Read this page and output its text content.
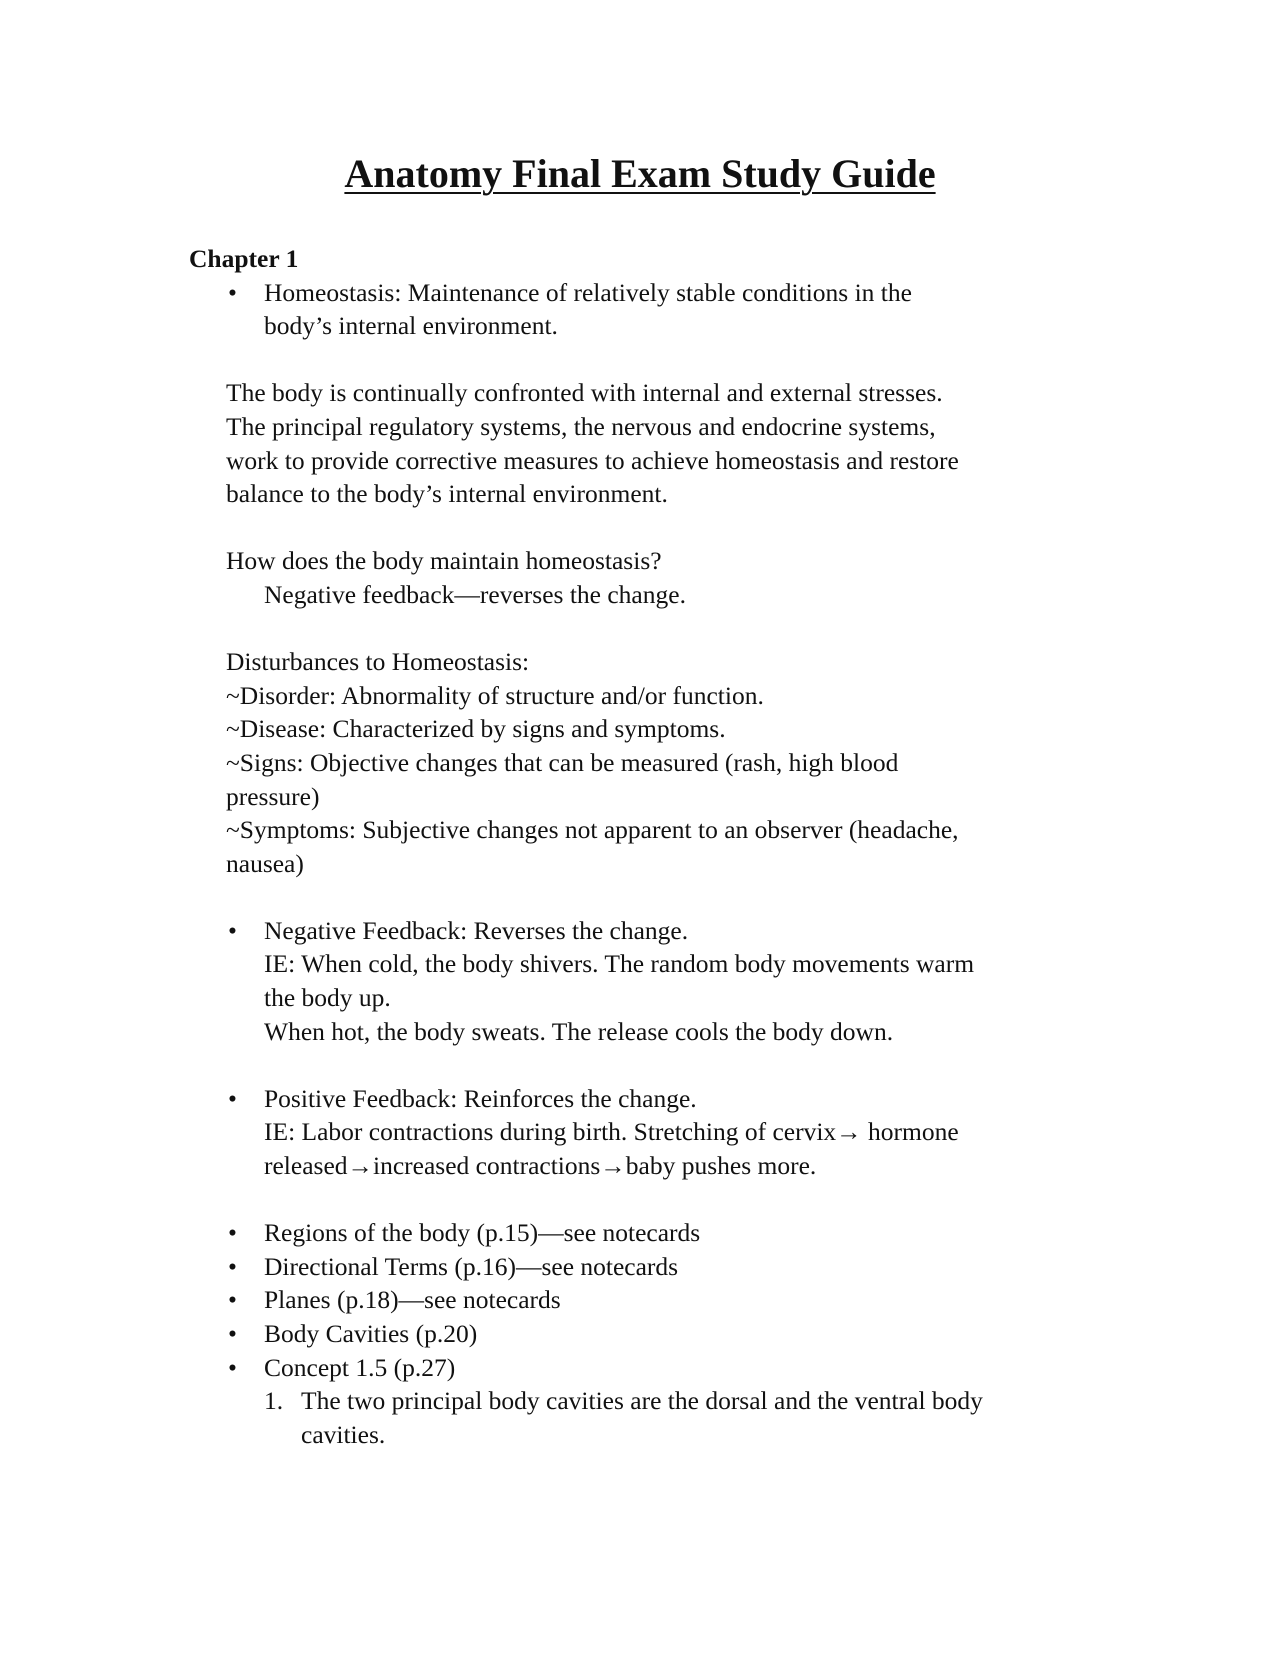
Anatomy Final Exam Study Guide

Chapter 1

• Homeostasis: Maintenance of relatively stable conditions in the
body’s internal environment.
The body is continually confronted with internal and external stresses.
The principal regulatory systems, the nervous and endocrine systems,
work to provide corrective measures to achieve homeostasis and restore
balance to the body’s internal environment.
How does the body maintain homeostasis?
Negative feedback—reverses the change.
Disturbances to Homeostasis:
~Disorder: Abnormality of structure and/or function.
~Disease: Characterized by signs and symptoms.
~Signs: Objective changes that can be measured (rash, high blood
pressure)
~Symptoms: Subjective changes not apparent to an observer (headache,
nausea)
• Negative Feedback: Reverses the change.
IE: When cold, the body shivers. The random body movements warm
the body up.
When hot, the body sweats. The release cools the body down.
• Positive Feedback: Reinforces the change.
IE: Labor contractions during birth. Stretching of cervix→ hormone
released→increased contractions→baby pushes more.
• Regions of the body (p.15)—see notecards
• Directional Terms (p.16)—see notecards
• Planes (p.18)—see notecards
• Body Cavities (p.20)
• Concept 1.5 (p.27)
1. The two principal body cavities are the dorsal and the ventral body
cavities.
